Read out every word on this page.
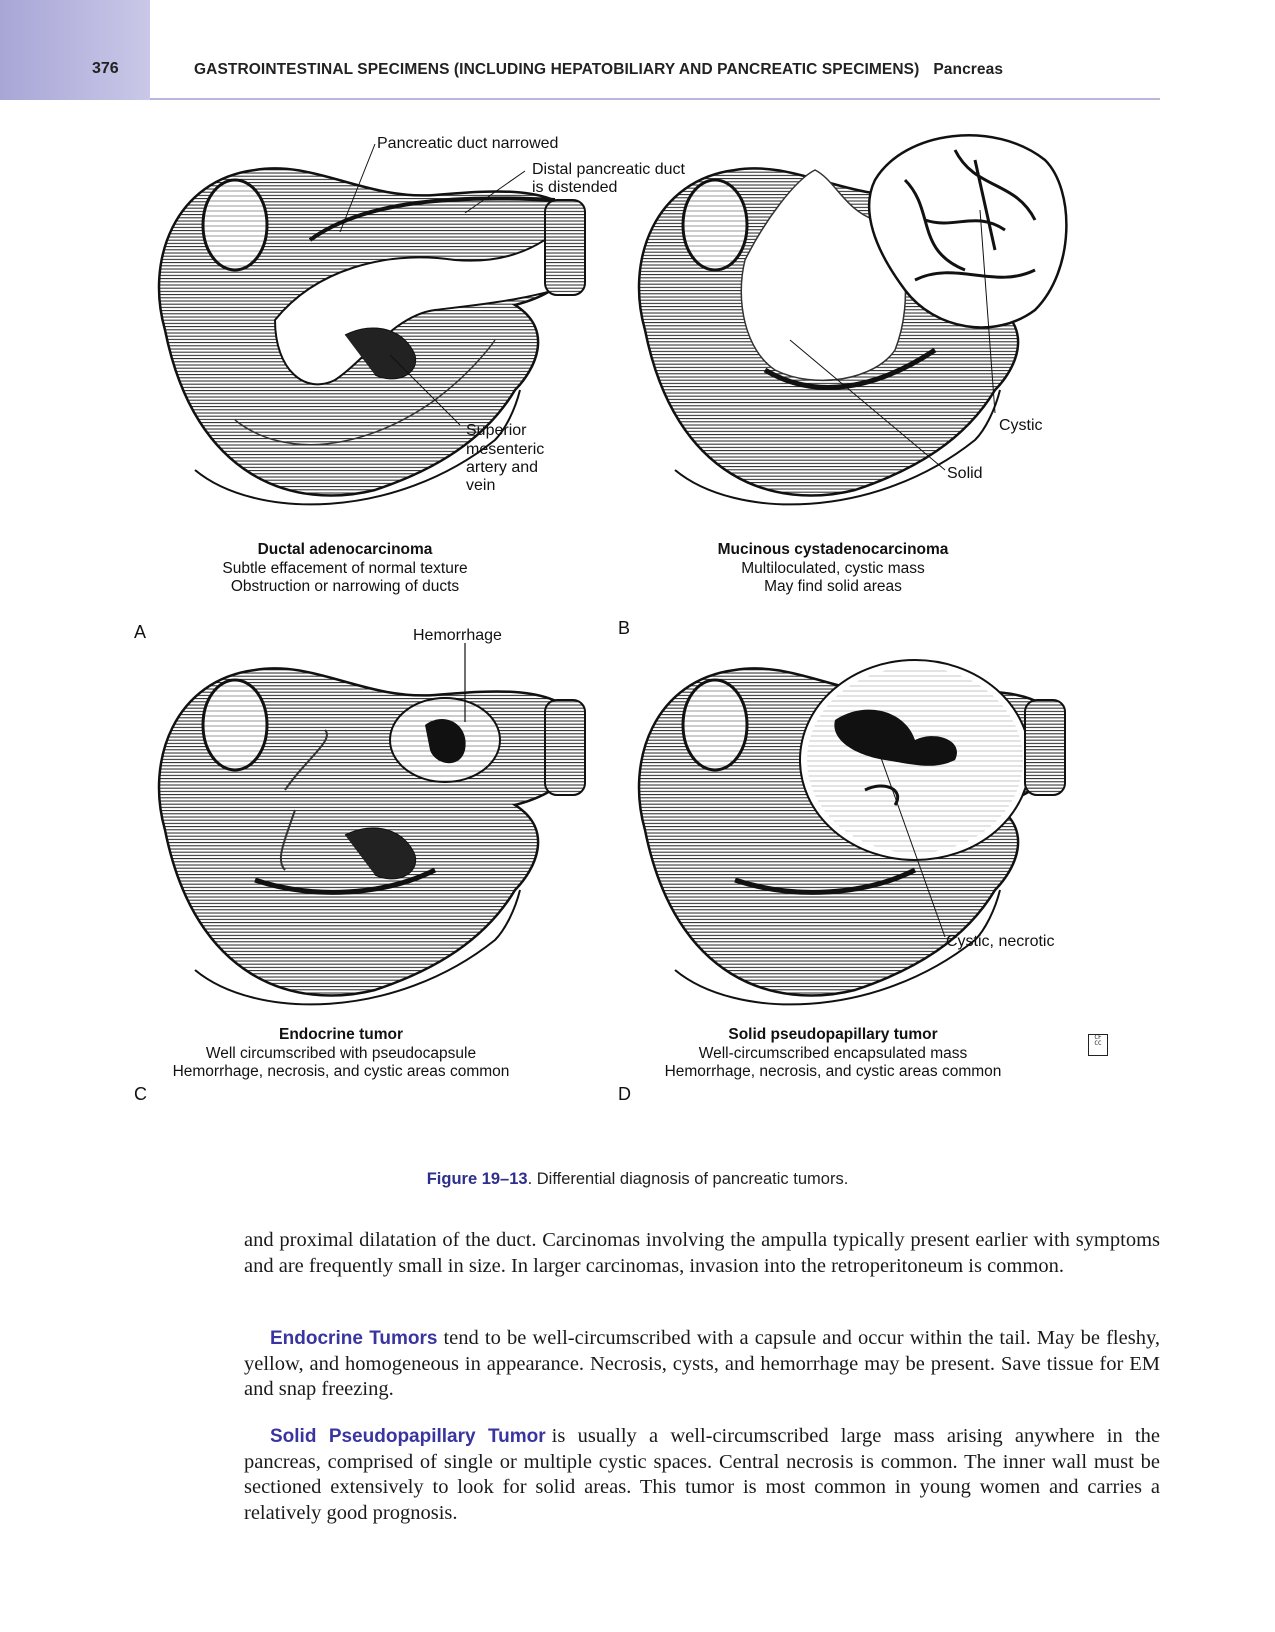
376	GASTROINTESTINAL SPECIMENS (INCLUDING HEPATOBILIARY AND PANCREATIC SPECIMENS) Pancreas
Pancreatic duct narrowed
Distal pancreatic duct
is distended
Superior
mesenteric
artery and
vein
Ductal adenocarcinoma
Subtle effacement of normal texture
Obstruction or narrowing of ducts
A
Cystic
Solid
Mucinous cystadenocarcinoma
Multiloculated, cystic mass
May find solid areas
B
Hemorrhage
Endocrine tumor
Well circumscribed with pseudocapsule
Hemorrhage, necrosis, and cystic areas common
C
Cystic, necrotic
CF CC
Solid pseudopapillary tumor
Well-circumscribed encapsulated mass
Hemorrhage, necrosis, and cystic areas common
D
Figure 19–13. Differential diagnosis of pancreatic tumors.

and proximal dilatation of the duct. Carcinomas involving the ampulla typically present earlier with symptoms and are frequently small in size. In larger carcinomas, invasion into the retroperitoneum is common.

Endocrine Tumors tend to be well-circumscribed with a capsule and occur within the tail. May be fleshy, yellow, and homogeneous in appearance. Necrosis, cysts, and hemorrhage may be present. Save tissue for EM and snap freezing.

Solid Pseudopapillary Tumor is usually a well-circumscribed large mass arising anywhere in the pancreas, comprised of single or multiple cystic spaces. Central necrosis is common. The inner wall must be sectioned extensively to look for solid areas. This tumor is most common in young women and carries a relatively good prognosis.
